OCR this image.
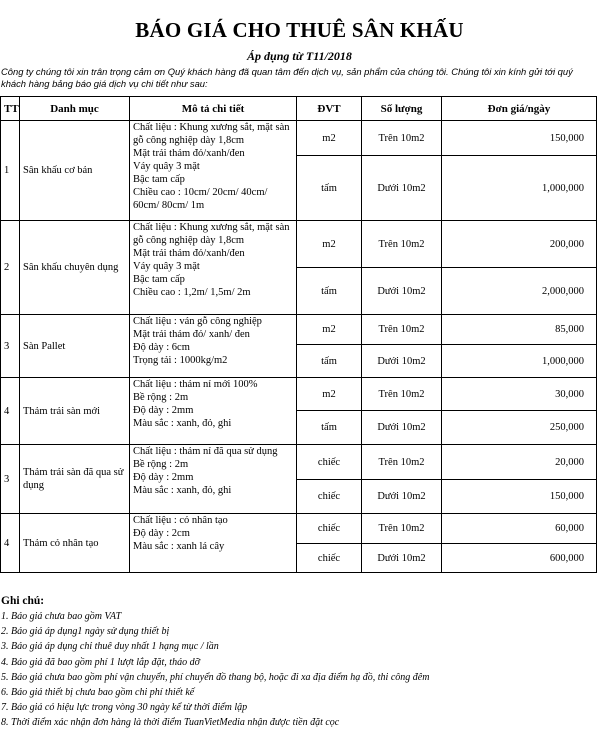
BÁO GIÁ CHO THUÊ SÂN KHẤU
Áp dụng từ T11/2018
Công ty chúng tôi xin trân trọng cảm ơn Quý khách hàng đã quan tâm đến dịch vụ, sản phẩm của chúng tôi. Chúng tôi xin kính gửi tới quý khách hàng bảng báo giá dịch vụ chi tiết như sau:
TT	Danh mục	Mô tả chi tiết	ĐVT	Số lượng	Đơn giá/ngày
1	Sân khấu cơ bản	Chất liệu : Khung xương sắt, mặt sàn gỗ công nghiệp dày 1,8cm
Mặt trải thảm đỏ/xanh/đen
Váy quây 3 mặt
Bậc tam cấp
Chiều cao : 10cm/ 20cm/ 40cm/ 60cm/ 80cm/ 1m	m2	Trên 10m2	150,000
			tấm	Dưới 10m2	1,000,000
2	Sân khấu chuyên dụng	Chất liệu : Khung xương sắt, mặt sàn gỗ công nghiệp dày 1,8cm
Mặt trải thảm đỏ/xanh/đen
Váy quây 3 mặt
Bậc tam cấp
Chiều cao : 1,2m/ 1,5m/ 2m	m2	Trên 10m2	200,000
			tấm	Dưới 10m2	2,000,000
3	Sàn Pallet	Chất liệu : ván gỗ công nghiệp
Mặt trải thảm đỏ/ xanh/ đen
Độ dày : 6cm
Trọng tải : 1000kg/m2	m2	Trên 10m2	85,000
			tấm	Dưới 10m2	1,000,000
4	Thảm trải sàn mới	Chất liệu : thảm nỉ mới 100%
Bề rộng : 2m
Độ dày : 2mm
Màu sắc : xanh, đỏ, ghi	m2	Trên 10m2	30,000
			tấm	Dưới 10m2	250,000
3	Thảm trải sàn đã qua sử dụng	Chất liệu : thảm nỉ đã qua sử dụng
Bề rộng : 2m
Độ dày : 2mm
Màu sắc : xanh, đỏ, ghi	chiếc	Trên 10m2	20,000
			chiếc	Dưới 10m2	150,000
4	Thảm cỏ nhân tạo	Chất liệu : cỏ nhân tạo
Độ dày : 2cm
Màu sắc : xanh lá cây	chiếc	Trên 10m2	60,000
			chiếc	Dưới 10m2	600,000
Ghi chú:
1. Báo giá chưa bao gồm VAT
2. Báo giá áp dụng1 ngày sử dụng thiết bị
3. Báo giá áp dụng chỉ thuê duy nhất 1 hạng mục / lần
4. Báo giá đã bao gồm phí 1 lượt lắp đặt, tháo dỡ
5. Báo giá chưa bao gồm phí vận chuyển, phí chuyển đồ thang bộ, hoặc đi xa địa điểm hạ đồ, thi công đêm
6. Báo giá thiết bị chưa bao gồm chi phí thiết kế
7. Báo giá có hiệu lực trong vòng 30 ngày kể từ thời điểm lập
8. Thời điểm xác nhận đơn hàng là thời điểm TuanVietMedia nhận được tiền đặt cọc
